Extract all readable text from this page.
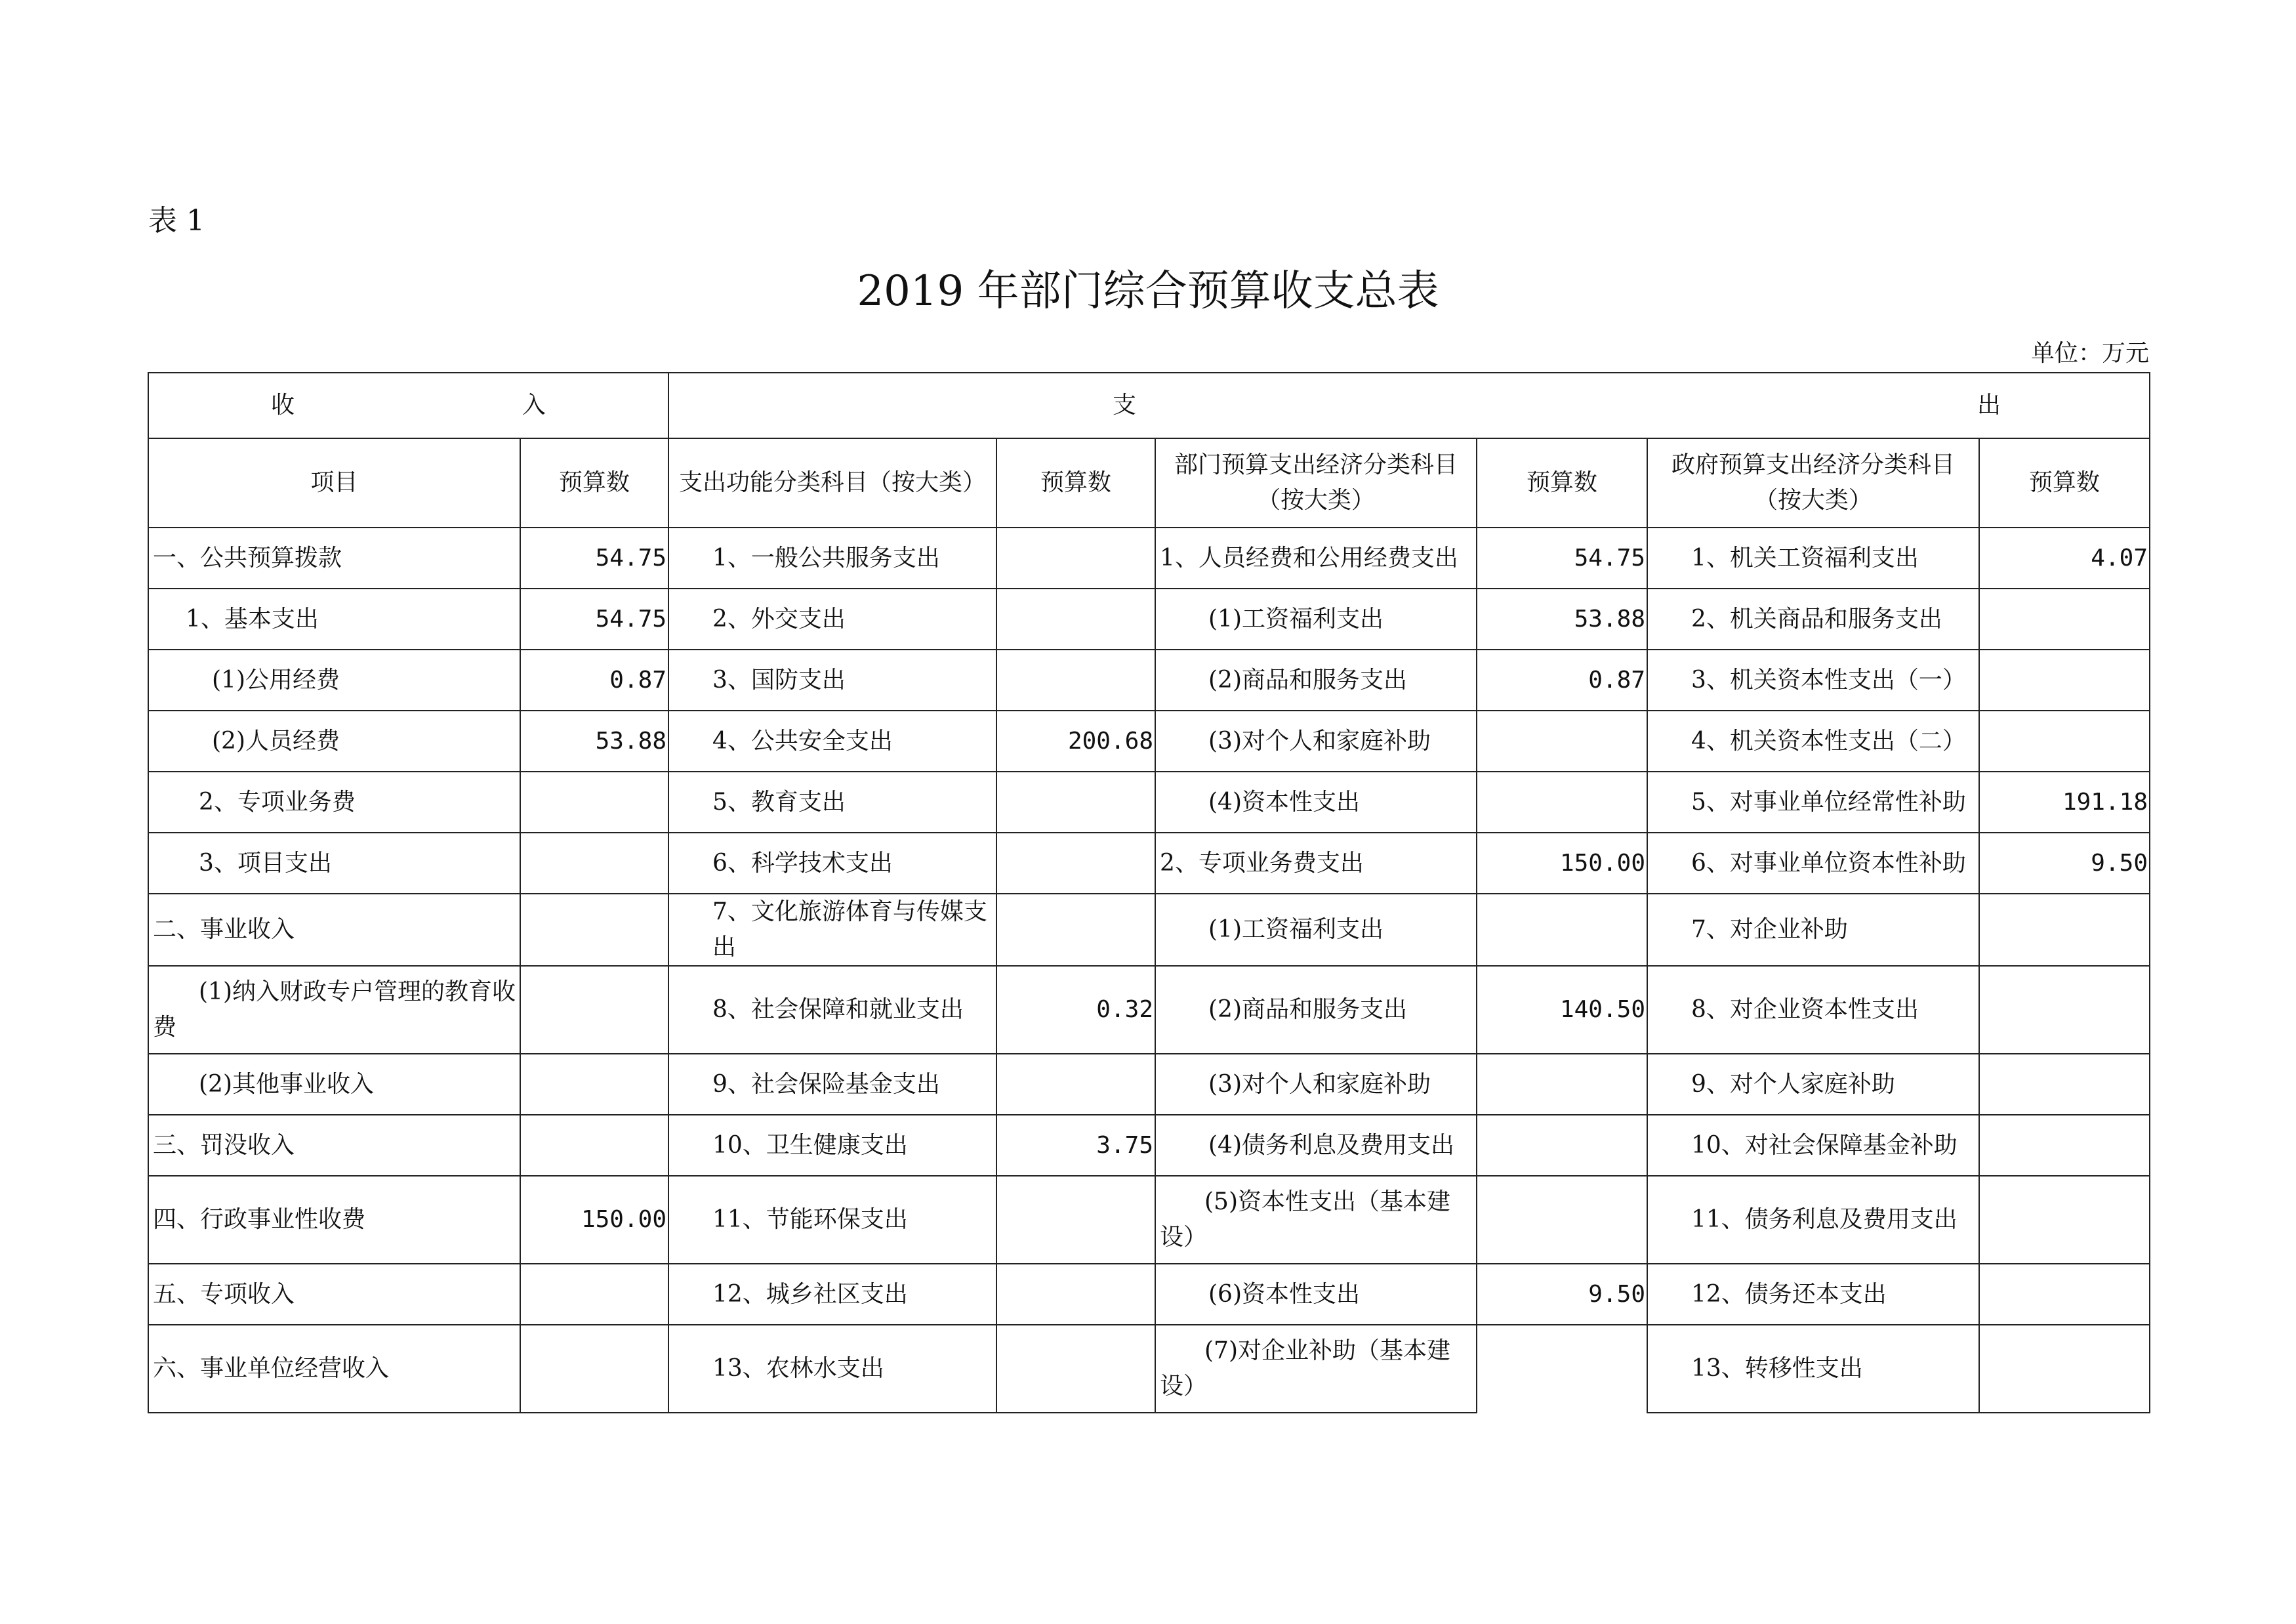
表 1
2019 年部门综合预算收支总表
单位：万元
收 入		支 出					

项目	预算数	支出功能分类科目（按大类）	预算数	部门预算支出经济分类科目（按大类）	预算数	政府预算支出经济分类科目（按大类）	预算数
一、公共预算拨款	54.75	1、一般公共服务支出		1、人员经费和公用经费支出	54.75	1、机关工资福利支出	4.07
1、基本支出	54.75	2、外交支出		(1)工资福利支出	53.88	2、机关商品和服务支出	
(1)公用经费	0.87	3、国防支出		(2)商品和服务支出	0.87	3、机关资本性支出（一）	
(2)人员经费	53.88	4、公共安全支出	200.68	(3)对个人和家庭补助		4、机关资本性支出（二）	
2、专项业务费		5、教育支出		(4)资本性支出		5、对事业单位经常性补助	191.18
3、项目支出		6、科学技术支出		2、专项业务费支出	150.00	6、对事业单位资本性补助	9.50
二、事业收入		7、文化旅游体育与传媒支出		(1)工资福利支出		7、对企业补助	
(1)纳入财政专户管理的教育收费		8、社会保障和就业支出	0.32	(2)商品和服务支出	140.50	8、对企业资本性支出	
(2)其他事业收入		9、社会保险基金支出		(3)对个人和家庭补助		9、对个人家庭补助	
三、罚没收入		10、卫生健康支出	3.75	(4)债务利息及费用支出		10、对社会保障基金补助	
四、行政事业性收费	150.00	11、节能环保支出		(5)资本性支出（基本建设）		11、债务利息及费用支出	
五、专项收入		12、城乡社区支出		(6)资本性支出	9.50	12、债务还本支出	
六、事业单位经营收入		13、农林水支出		(7)对企业补助（基本建设）		13、转移性支出	
